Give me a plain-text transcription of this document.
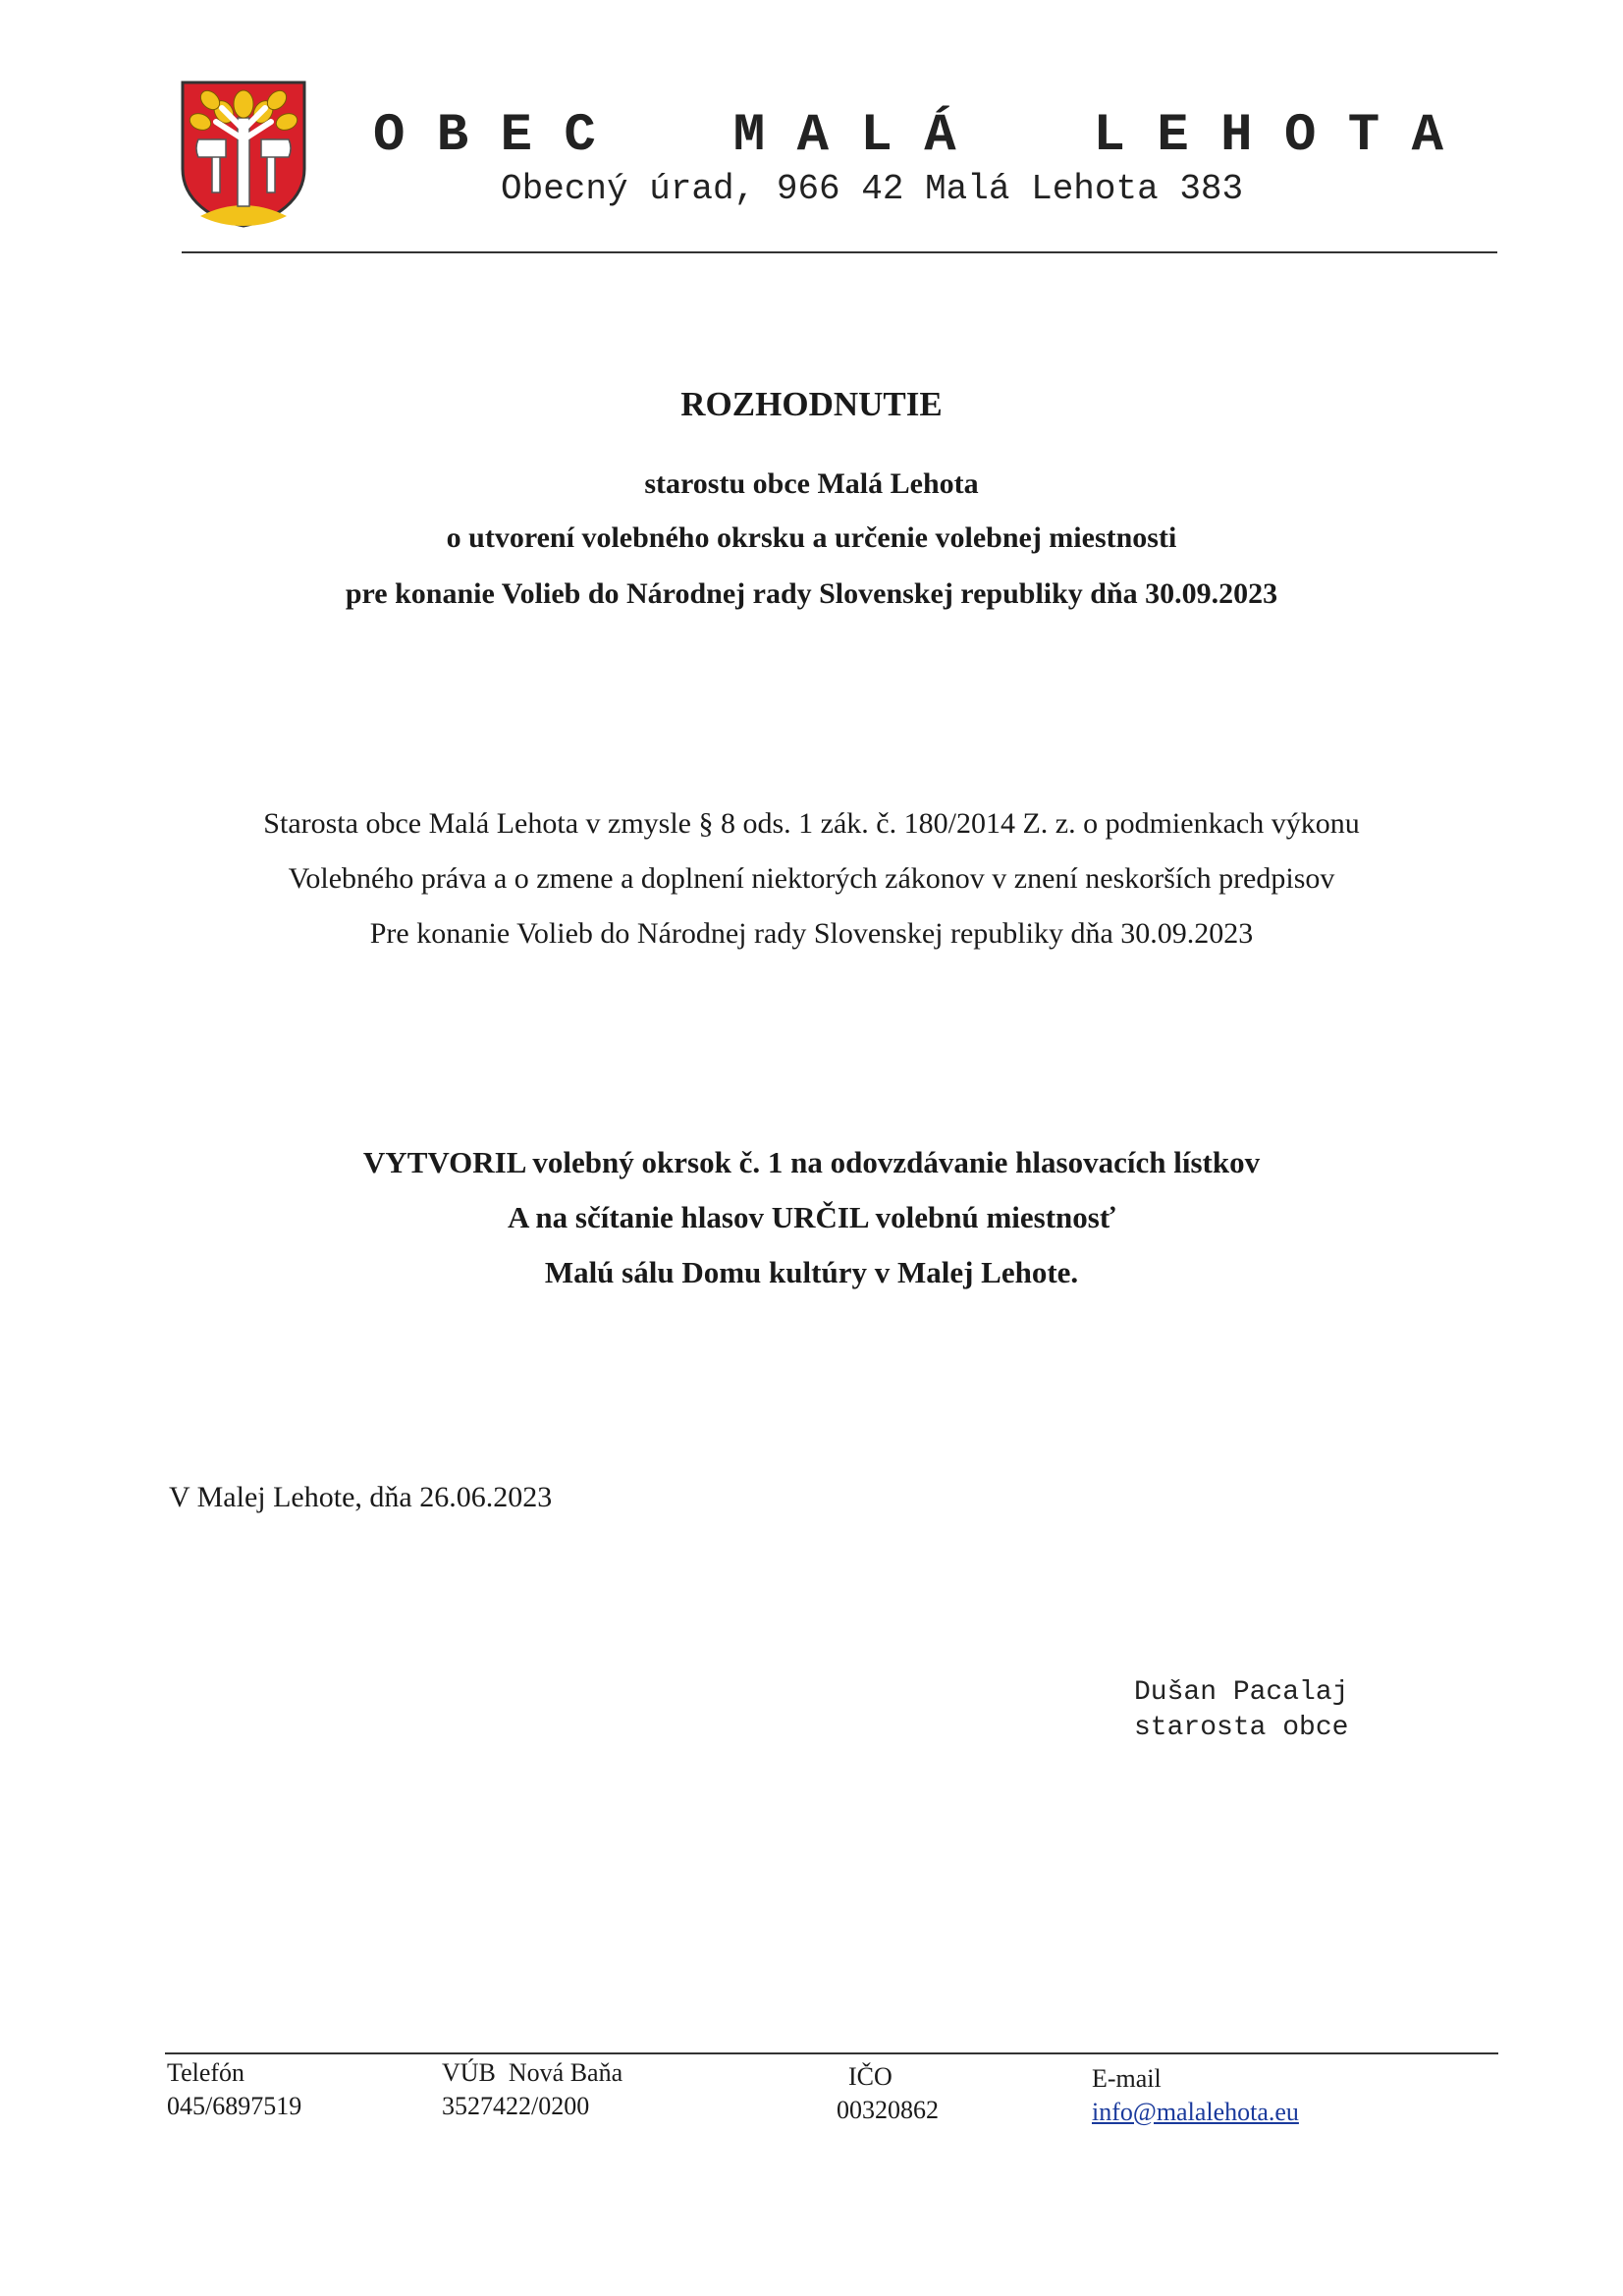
O B E C	M A L Á	L E H O T A
Obecný úrad, 966 42 Malá Lehota 383
ROZHODNUTIE
starostu obce Malá Lehota
o utvorení volebného okrsku a určenie volebnej miestnosti
pre konanie Volieb do Národnej rady Slovenskej republiky dňa 30.09.2023
Starosta obce Malá Lehota v zmysle § 8 ods. 1 zák. č. 180/2014 Z. z. o podmienkach výkonu
Volebného práva a o zmene a doplnení niektorých zákonov v znení neskorších predpisov
Pre konanie Volieb do Národnej rady Slovenskej republiky dňa 30.09.2023
VYTVORIL volebný okrsok č. 1 na odovzdávanie hlasovacích lístkov
A na sčítanie hlasov URČIL volebnú miestnosť
Malú sálu Domu kultúry v Malej Lehote.
V Malej Lehote, dňa 26.06.2023
Dušan Pacalaj
starosta obce
Telefón
045/6897519
VÚB  Nová Baňa
3527422/0200
IČO
00320862
E-mail
info@malalehota.eu
